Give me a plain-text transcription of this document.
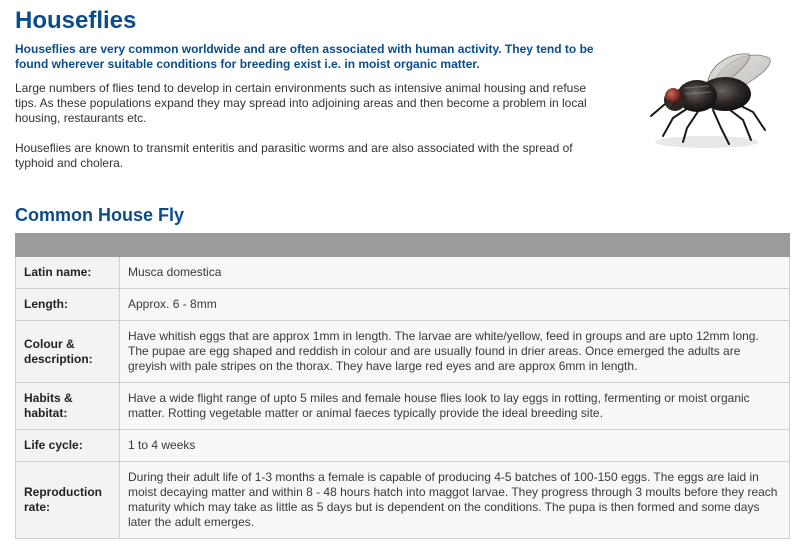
Houseflies

Houseflies are very common worldwide and are often associated with human activity. They tend to be found wherever suitable conditions for breeding exist i.e. in moist organic matter.

Large numbers of flies tend to develop in certain environments such as intensive animal housing and refuse tips. As these populations expand they may spread into adjoining areas and then become a problem in local housing, restaurants etc.

Houseflies are known to transmit enteritis and parasitic worms and are also associated with the spread of typhoid and cholera.

Common House Fly

Latin name:	Musca domestica
Length:	Approx. 6 - 8mm
Colour & description:	Have whitish eggs that are approx 1mm in length. The larvae are white/yellow, feed in groups and are upto 12mm long. The pupae are egg shaped and reddish in colour and are usually found in drier areas. Once emerged the adults are greyish with pale stripes on the thorax. They have large red eyes and are approx 6mm in length.
Habits & habitat:	Have a wide flight range of upto 5 miles and female house flies look to lay eggs in rotting, fermenting or moist organic matter. Rotting vegetable matter or animal faeces typically provide the ideal breeding site.
Life cycle:	1 to 4 weeks
Reproduction rate:	During their adult life of 1-3 months a female is capable of producing 4-5 batches of 100-150 eggs. The eggs are laid in moist decaying matter and within 8 - 48 hours hatch into maggot larvae. They progress through 3 moults before they reach maturity which may take as little as 5 days but is dependent on the conditions. The pupa is then formed and some days later the adult emerges.
